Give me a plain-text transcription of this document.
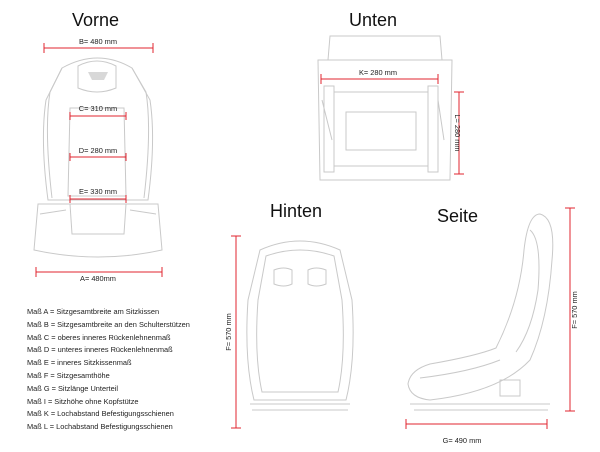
Vorne	Unten
Hinten	Seite
B= 480 mm
C= 310 mm
D= 280 mm
E= 330 mm
A= 480mm
K= 280 mm
G= 490 mm
F= 570 mm
F= 570 mm
L= 280 mm
Maß A = Sitzgesamtbreite am Sitzkissen
Maß B = Sitzgesamtbreite an den Schulterstützen
Maß C = oberes inneres Rückenlehnenmaß
Maß D = unteres inneres Rückenlehnenmaß
Maß E = inneres Sitzkissenmaß
Maß F = Sitzgesamthöhe
Maß G = Sitzlänge Unterteil
Maß I = Sitzhöhe ohne Kopfstütze
Maß K = Lochabstand Befestigungsschienen
Maß L = Lochabstand Befestigungsschienen
